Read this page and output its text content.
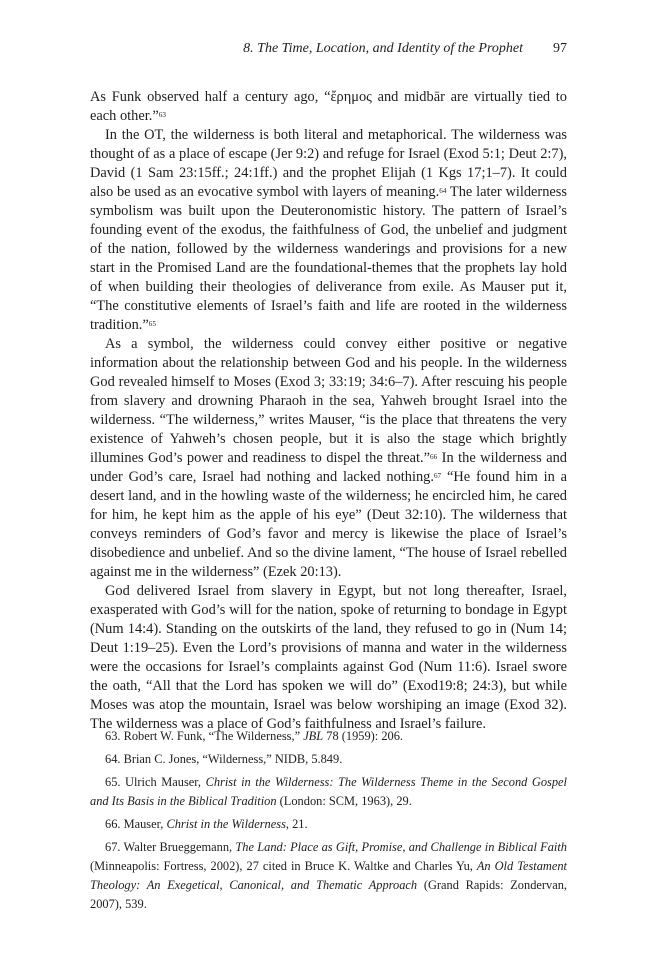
8. The Time, Location, and Identity of the Prophet 97

As Funk observed half a century ago, “ἔρημος and midbār are virtually tied to each other.”$^{63}$

In the OT, the wilderness is both literal and metaphorical. The wilderness was thought of as a place of escape (Jer 9:2) and refuge for Israel (Exod 5:1; Deut 2:7), David (1 Sam 23:15ff.; 24:1ff.) and the prophet Elijah (1 Kgs 17;1–7). It could also be used as an evocative symbol with layers of meaning.$^{64}$ The later wilderness symbolism was built upon the Deuteronomistic history. The pattern of Israel’s founding event of the exodus, the faithfulness of God, the unbelief and judgment of the nation, followed by the wilderness wanderings and provisions for a new start in the Promised Land are the foundational-themes that the prophets lay hold of when building their theologies of deliverance from exile. As Mauser put it, “The constitutive elements of Israel’s faith and life are rooted in the wilderness tradition.”$^{65}$

As a symbol, the wilderness could convey either positive or negative information about the relationship between God and his people. In the wilderness God revealed himself to Moses (Exod 3; 33:19; 34:6–7). After rescuing his people from slavery and drowning Pharaoh in the sea, Yahweh brought Israel into the wilderness. “The wilderness,” writes Mauser, “is the place that threatens the very existence of Yahweh’s chosen people, but it is also the stage which brightly illumines God’s power and readiness to dispel the threat.”$^{66}$ In the wilderness and under God’s care, Israel had nothing and lacked nothing.$^{67}$ “He found him in a desert land, and in the howling waste of the wilderness; he encircled him, he cared for him, he kept him as the apple of his eye” (Deut 32:10). The wilderness that conveys reminders of God’s favor and mercy is likewise the place of Israel’s disobedience and unbelief. And so the divine lament, “The house of Israel rebelled against me in the wilderness” (Ezek 20:13).

God delivered Israel from slavery in Egypt, but not long thereafter, Israel, exasperated with God’s will for the nation, spoke of returning to bondage in Egypt (Num 14:4). Standing on the outskirts of the land, they refused to go in (Num 14; Deut 1:19–25). Even the Lord’s provisions of manna and water in the wilderness were the occasions for Israel’s complaints against God (Num 11:6). Israel swore the oath, “All that the Lord has spoken we will do” (Exod19:8; 24:3), but while Moses was atop the mountain, Israel was below worshiping an image (Exod 32). The wilderness was a place of God’s faithfulness and Israel’s failure.

63. Robert W. Funk, “The Wilderness,” JBL 78 (1959): 206.

64. Brian C. Jones, “Wilderness,” NIDB, 5.849.

65. Ulrich Mauser, Christ in the Wilderness: The Wilderness Theme in the Second Gospel and Its Basis in the Biblical Tradition (London: SCM, 1963), 29.

66. Mauser, Christ in the Wilderness, 21.

67. Walter Brueggemann, The Land: Place as Gift, Promise, and Challenge in Biblical Faith (Minneapolis: Fortress, 2002), 27 cited in Bruce K. Waltke and Charles Yu, An Old Testament Theology: An Exegetical, Canonical, and Thematic Approach (Grand Rapids: Zondervan, 2007), 539.
